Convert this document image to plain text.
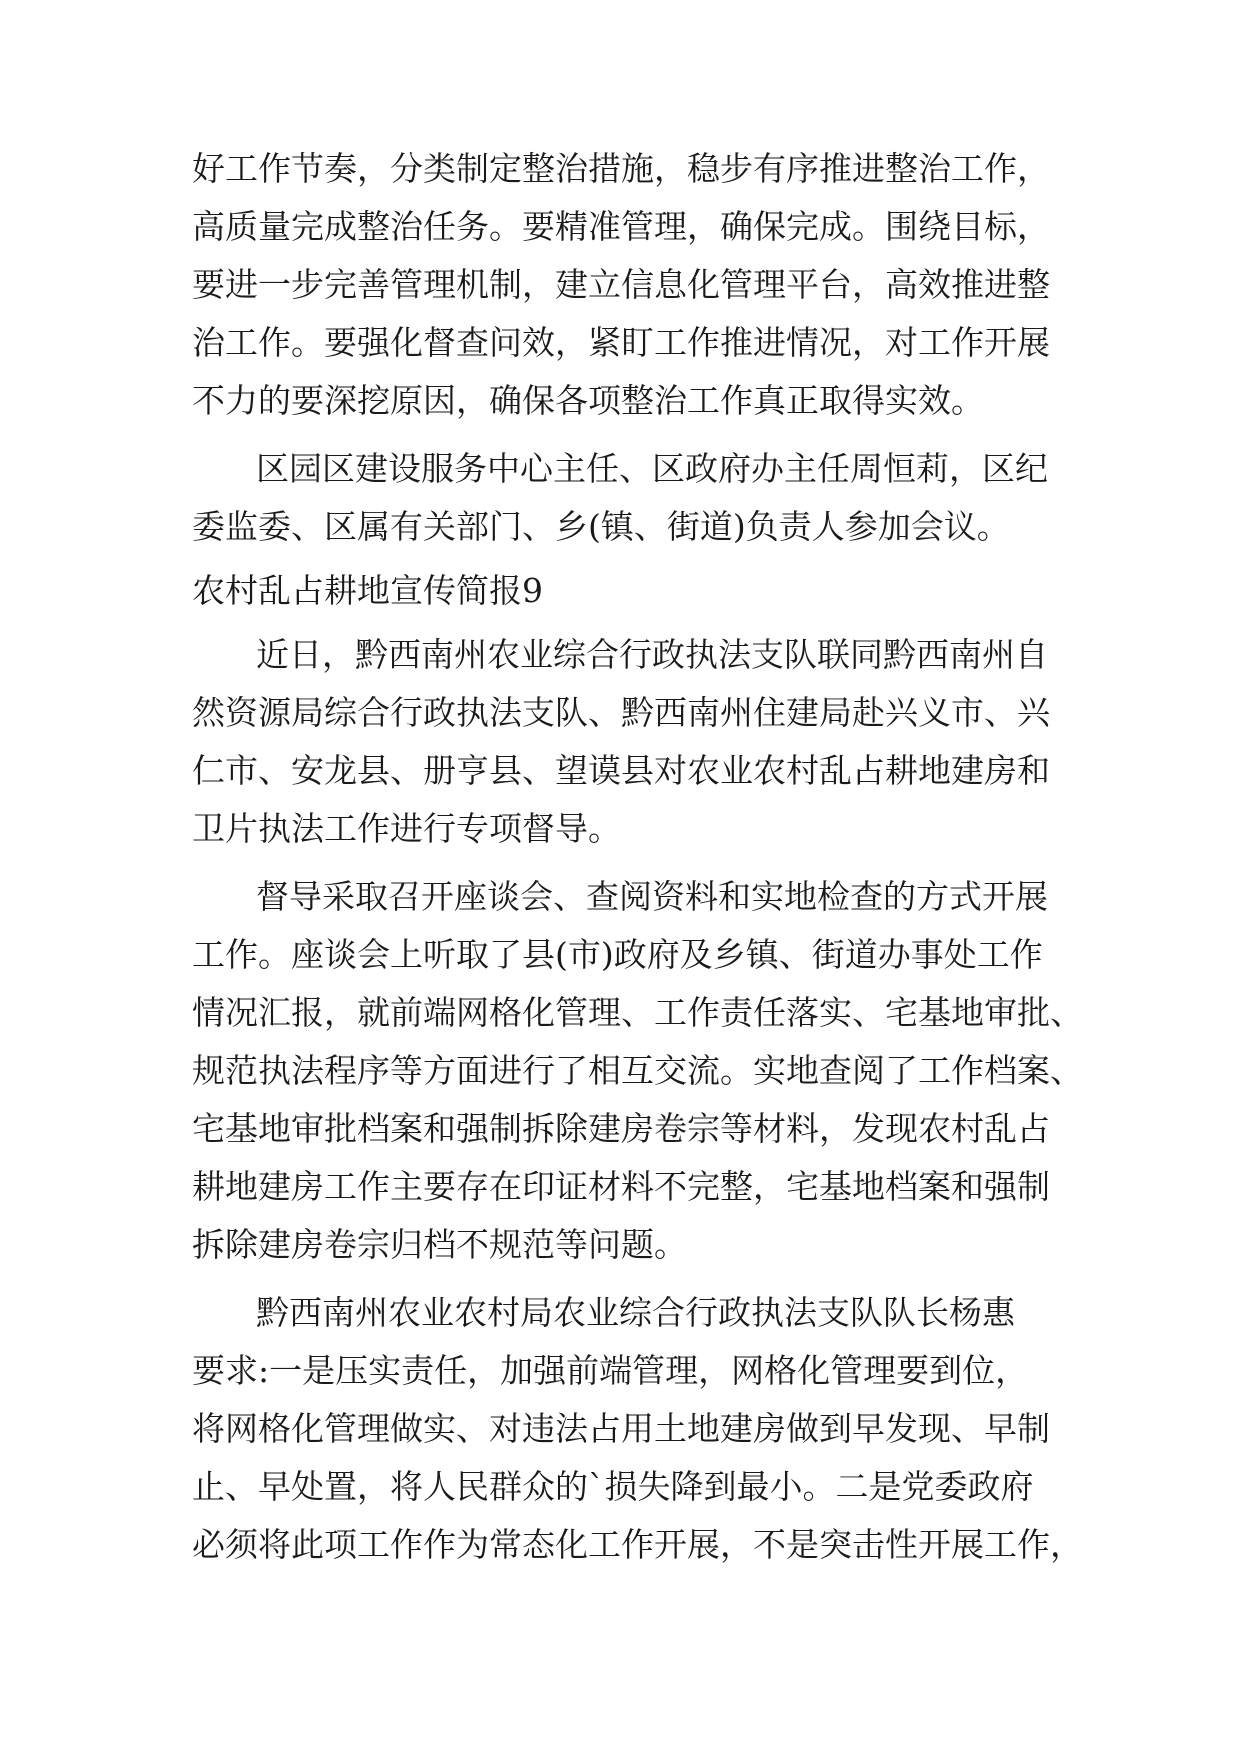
好工作节奏，分类制定整治措施，稳步有序推进整治工作，
高质量完成整治任务。要精准管理，确保完成。围绕目标，
要进一步完善管理机制，建立信息化管理平台，高效推进整
治工作。要强化督查问效，紧盯工作推进情况，对工作开展
不力的要深挖原因，确保各项整治工作真正取得实效。
区园区建设服务中心主任、区政府办主任周恒莉，区纪
委监委、区属有关部门、乡(镇、街道)负责人参加会议。
农村乱占耕地宣传简报9
近日，黔西南州农业综合行政执法支队联同黔西南州自
然资源局综合行政执法支队、黔西南州住建局赴兴义市、兴
仁市、安龙县、册亨县、望谟县对农业农村乱占耕地建房和
卫片执法工作进行专项督导。
督导采取召开座谈会、查阅资料和实地检查的方式开展
工作。座谈会上听取了县(市)政府及乡镇、街道办事处工作
情况汇报，就前端网格化管理、工作责任落实、宅基地审批、
规范执法程序等方面进行了相互交流。实地查阅了工作档案、
宅基地审批档案和强制拆除建房卷宗等材料，发现农村乱占
耕地建房工作主要存在印证材料不完整，宅基地档案和强制
拆除建房卷宗归档不规范等问题。
黔西南州农业农村局农业综合行政执法支队队长杨惠
要求:一是压实责任，加强前端管理，网格化管理要到位，
将网格化管理做实、对违法占用土地建房做到早发现、早制
止、早处置，将人民群众的`损失降到最小。二是党委政府
必须将此项工作作为常态化工作开展，不是突击性开展工作，
